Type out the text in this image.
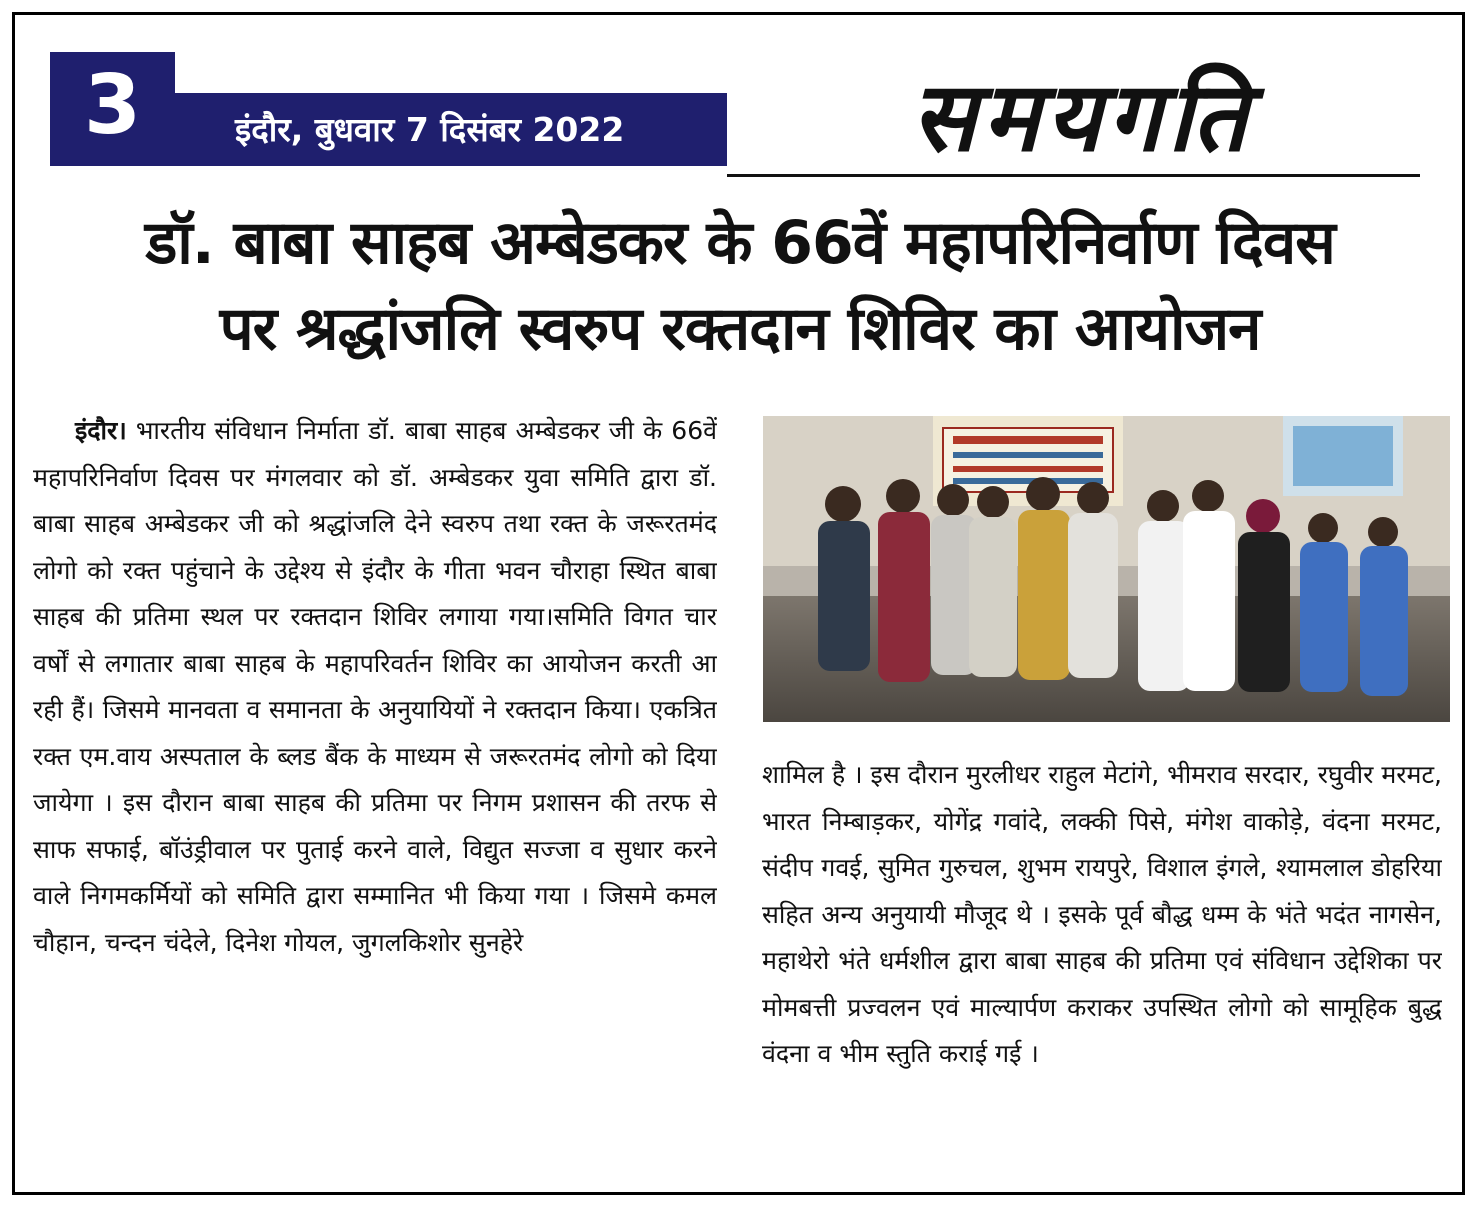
3	इंदौर, बुधवार 7 दिसंबर 2022	समयगति
डॉ. बाबा साहब अम्बेडकर के 66वें महापरिनिर्वाण दिवस
पर श्रद्धांजलि स्वरुप रक्तदान शिविर का आयोजन

इंदौर। भारतीय संविधान निर्माता डॉ. बाबा साहब अम्बेडकर जी के 66वें महापरिनिर्वाण दिवस पर मंगलवार को डॉ. अम्बेडकर युवा समिति द्वारा डॉ. बाबा साहब अम्बेडकर जी को श्रद्धांजलि देने स्वरुप तथा रक्त के जरूरतमंद लोगो को रक्त पहुंचाने के उद्देश्य से इंदौर के गीता भवन चौराहा स्थित बाबा साहब की प्रतिमा स्थल पर रक्तदान शिविर लगाया गया।समिति विगत चार वर्षों से लगातार बाबा साहब के महापरिवर्तन शिविर का आयोजन करती आ रही हैं। जिसमे मानवता व समानता के अनुयायियों ने रक्तदान किया। एकत्रित रक्त एम.वाय अस्पताल के ब्लड बैंक के माध्यम से जरूरतमंद लोगो को दिया जायेगा । इस दौरान बाबा साहब की प्रतिमा पर निगम प्रशासन की तरफ से साफ सफाई, बॉउंड्रीवाल पर पुताई करने वाले, विद्युत सज्जा व सुधार करने वाले निगमकर्मियों को समिति द्वारा सम्मानित भी किया गया । जिसमे कमल चौहान, चन्दन चंदेले, दिनेश गोयल, जुगलकिशोर सुनहेरे

शामिल है । इस दौरान मुरलीधर राहुल मेटांगे, भीमराव सरदार, रघुवीर मरमट, भारत निम्बाड़कर, योगेंद्र गवांदे, लक्की पिसे, मंगेश वाकोड़े, वंदना मरमट, संदीप गवई, सुमित गुरुचल, शुभम रायपुरे, विशाल इंगले, श्यामलाल डोहरिया सहित अन्य अनुयायी मौजूद थे । इसके पूर्व बौद्ध धम्म के भंते भदंत नागसेन, महाथेरो भंते धर्मशील द्वारा बाबा साहब की प्रतिमा एवं संविधान उद्देशिका पर मोमबत्ती प्रज्वलन एवं माल्यार्पण कराकर उपस्थित लोगो को सामूहिक बुद्ध वंदना व भीम स्तुति कराई गई ।
